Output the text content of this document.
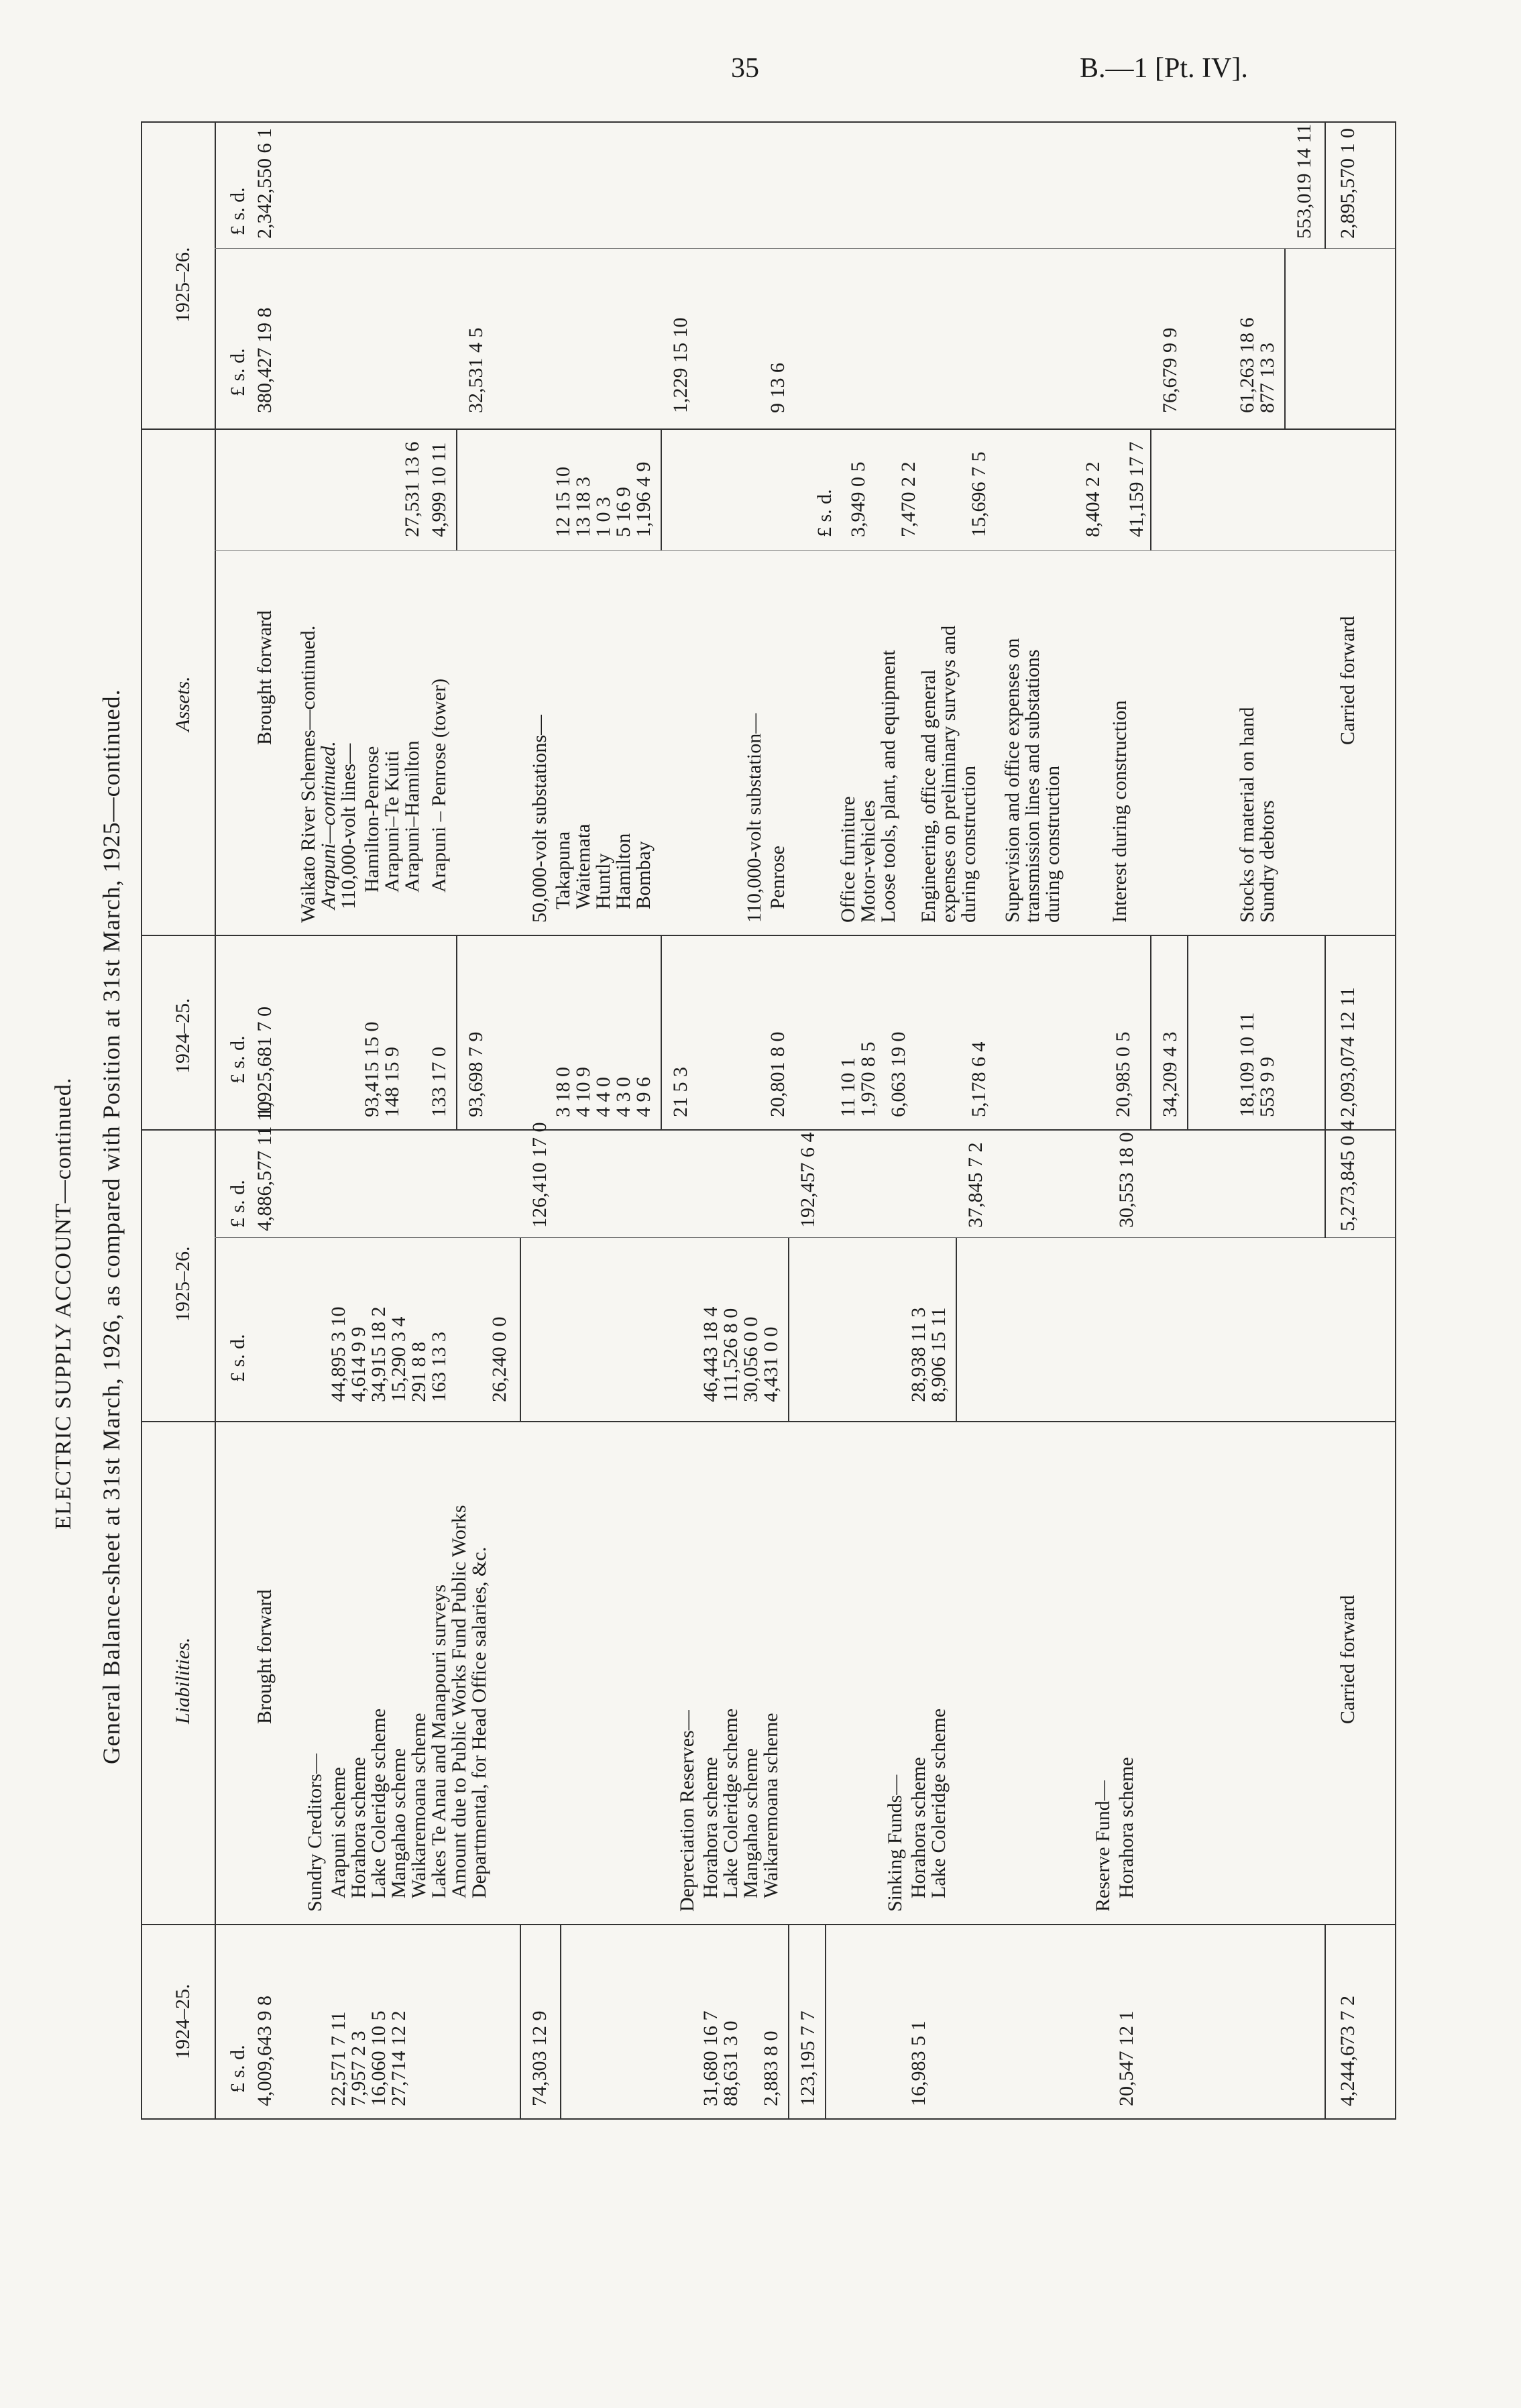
35	B.—1 [Pt. IV].
ELECTRIC SUPPLY ACCOUNT—continued. General Balance-sheet at 31st March, 1926, as compared with Position at 31st March, 1925—continued.
1924–25.
Liabilities.
1925–26.
1924–25.
Assets.
1925–26.
£ s. d.
£ s. d.
£ s. d.
£ s. d.
£ s. d.
£ s. d.
4,009,643 9 8
Brought forward
4,886,577 11 10
Sundry Creditors—
22,571 7 11
Arapuni scheme
44,895 3 10
7,957 2 3
Horahora scheme
4,614 9 9
16,060 10 5
Lake Coleridge scheme
34,915 18 2
27,714 12 2
Mangahao scheme
15,290 3 4
Waikaremoana scheme
291 8 8
Lakes Te Anau and Manapouri surveys
163 13 3
Amount due to Public Works Fund Public Works Departmental, for Head Office salaries, &c.
26,240 0 0
74,303 12 9
126,410 17 0
Depreciation Reserves—
31,680 16 7
Horahora scheme
46,443 18 4
88,631 3 0
Lake Coleridge scheme
111,526 8 0
Mangahao scheme
30,056 0 0
2,883 8 0
Waikaremoana scheme
4,431 0 0
123,195 7 7
192,457 6 4
Sinking Funds—
16,983 5 1
Horahora scheme
28,938 11 3
Lake Coleridge scheme
8,906 15 11
37,845 7 2
Reserve Fund—
20,547 12 1
Horahora scheme
30,553 18 0
4,244,673 7 2
Carried forward
5,273,845 0 4
1,925,681 7 0
Brought forward
380,427 19 8
2,342,550 6 1
Waikato River Schemes—continued.
Arapuni—continued.
110,000-volt lines—
93,415 15 0
Hamilton-Penrose
148 15 9
Arapuni–Te Kuiti
Arapuni–Hamilton
27,531 13 6
133 17 0
Arapuni – Penrose (tower)
4,999 10 11
93,698 7 9
32,531 4 5
50,000-volt substations—
3 18 0
Takapuna
12 15 10
4 10 9
Waitemata
13 18 3
4 4 0
Huntly
1 0 3
4 3 0
Hamilton
5 16 9
4 9 6
Bombay
1,196 4 9
21 5 3
1,229 15 10
110,000-volt substation—
20,801 8 0
Penrose
9 13 6
£ s. d.
11 10 1
Office furniture
3,949 0 5
1,970 8 5
Motor-vehicles
6,063 19 0
Loose tools, plant, and equipment
7,470 2 2
5,178 6 4
Engineering, office and general expenses on preliminary surveys and during construction
15,696 7 5
Supervision and office expenses on transmission lines and substations during construction
8,404 2 2
20,985 0 5
Interest during construction
41,159 17 7
34,209 4 3
76,679 9 9
18,109 10 11
Stocks of material on hand
61,263 18 6
553 9 9
Sundry debtors
877 13 3
553,019 14 11
2,093,074 12 11
Carried forward
2,895,570 1 0
